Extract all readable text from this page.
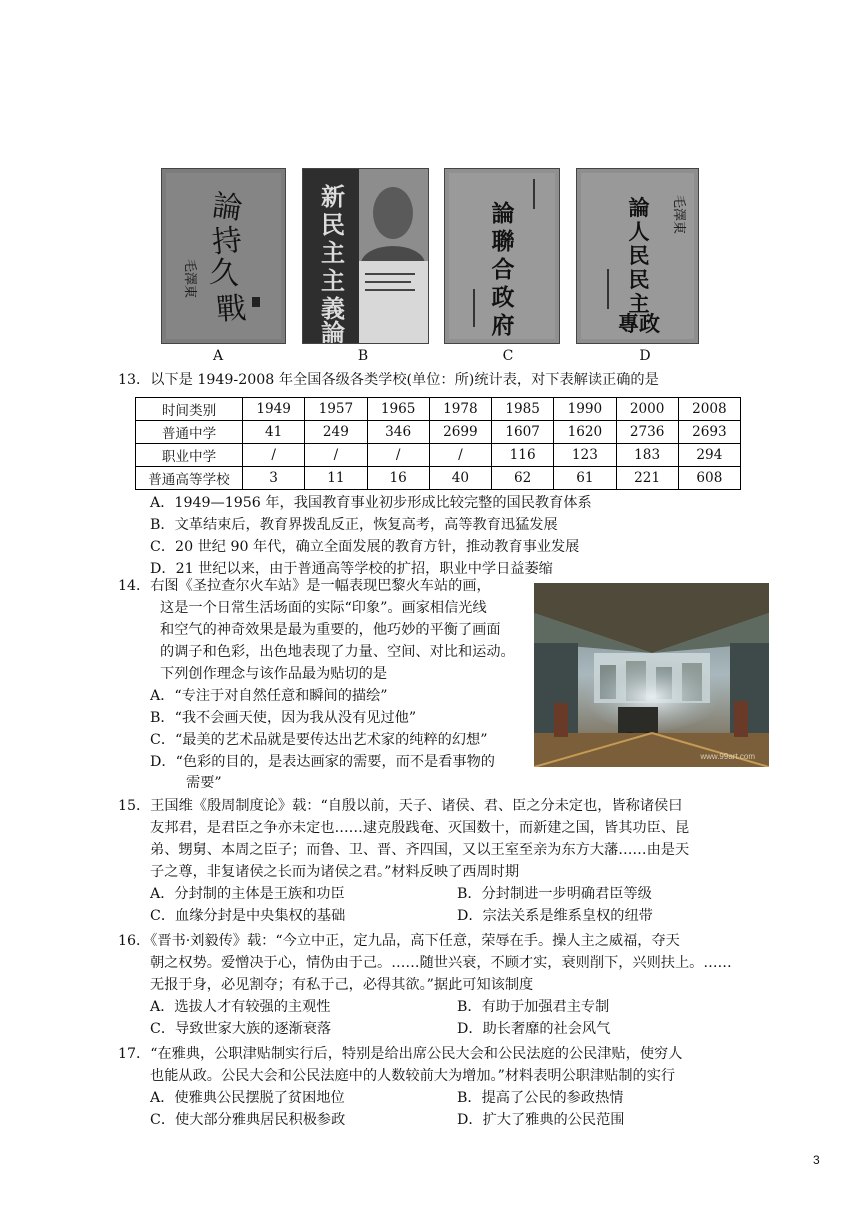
論
持
久
戰
毛澤東
新
民
主
主
義
論
論
聯
合
政
府
論
人
民
民
主
專政
毛澤東
A	B	C	D
13．以下是 1949-2008 年全国各级各类学校(单位：所)统计表，对下表解读正确的是
时间类别	1949	1957	1965	1978	1985	1990	2000	2008
普通中学	41	249	346	2699	1607	1620	2736	2693
职业中学	/	/	/	/	116	123	183	294
普通高等学校	3	11	16	40	62	61	221	608
A．1949—1956 年，我国教育事业初步形成比较完整的国民教育体系
B．文革结束后，教育界拨乱反正，恢复高考，高等教育迅猛发展
C．20 世纪 90 年代，确立全面发展的教育方针，推动教育事业发展
D．21 世纪以来，由于普通高等学校的扩招，职业中学日益萎缩
14．右图《圣拉查尔火车站》是一幅表现巴黎火车站的画，
这是一个日常生活场面的实际“印象”。画家相信光线
和空气的神奇效果是最为重要的，他巧妙的平衡了画面
的调子和色彩，出色地表现了力量、空间、对比和运动。
下列创作理念与该作品最为贴切的是
A．“专注于对自然任意和瞬间的描绘”
B．“我不会画天使，因为我从没有见过他”
C．“最美的艺术品就是要传达出艺术家的纯粹的幻想”
D．“色彩的目的，是表达画家的需要，而不是看事物的
需要”
www.99art.com
15．王国维《殷周制度论》载：“自殷以前，天子、诸侯、君、臣之分未定也，皆称诸侯曰
友邦君，是君臣之争亦未定也……逮克殷践奄、灭国数十，而新建之国，皆其功臣、昆
弟、甥舅、本周之臣子；而鲁、卫、晋、齐四国，又以王室至亲为东方大藩……由是天
子之尊，非复诸侯之长而为诸侯之君。”材料反映了西周时期
A．分封制的主体是王族和功臣	B．分封制进一步明确君臣等级
C．血缘分封是中央集权的基础	D．宗法关系是维系皇权的纽带
16．《晋书·刘毅传》载：“今立中正，定九品，高下任意，荣辱在手。操人主之威福，夺天
朝之权势。爱憎决于心，情伪由于己。……随世兴衰，不顾才实，衰则削下，兴则扶上。……
无报于身，必见割夺；有私于己，必得其欲。”据此可知该制度
A．选拔人才有较强的主观性	B．有助于加强君主专制
C．导致世家大族的逐渐衰落	D．助长奢靡的社会风气
17．“在雅典，公职津贴制实行后，特别是给出席公民大会和公民法庭的公民津贴，使穷人
也能从政。公民大会和公民法庭中的人数较前大为增加。”材料表明公职津贴制的实行
A．使雅典公民摆脱了贫困地位	B．提高了公民的参政热情
C．使大部分雅典居民积极参政	D．扩大了雅典的公民范围
3
